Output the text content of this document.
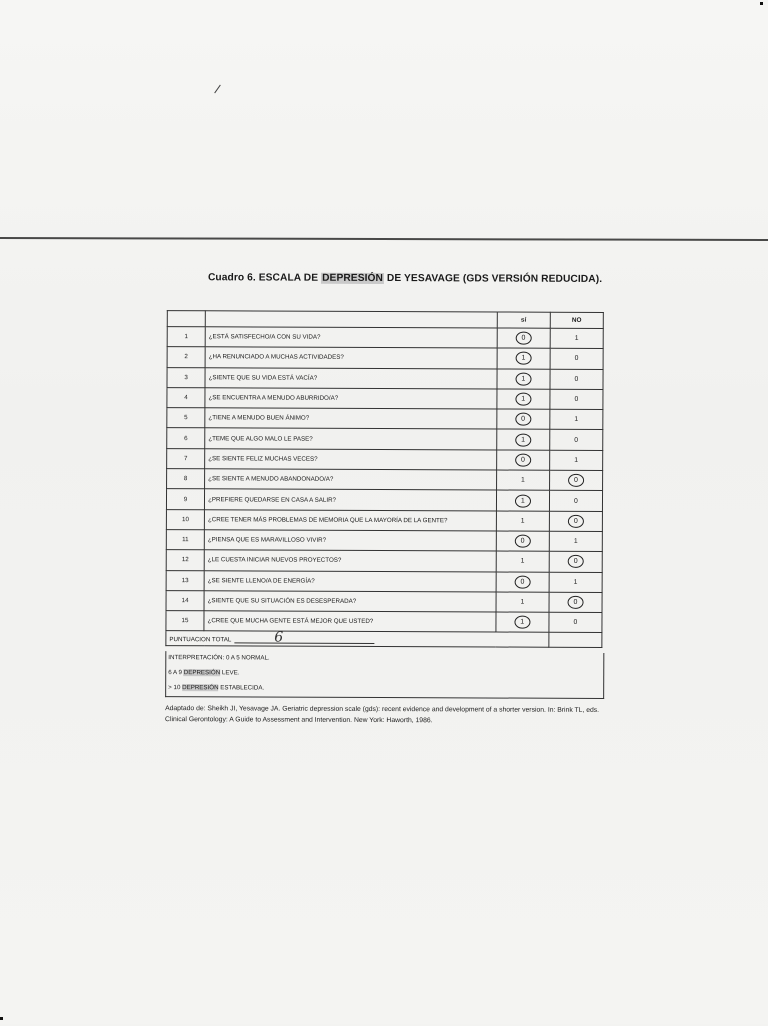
Cuadro 6. ESCALA DE DEPRESIÓN DE YESAVAGE (GDS VERSIÓN REDUCIDA).
		sí	NO
1	¿ESTÁ SATISFECHO/A CON SU VIDA?	0	1
2	¿HA RENUNCIADO A MUCHAS ACTIVIDADES?	1	0
3	¿SIENTE QUE SU VIDA ESTÁ VACÍA?	1	0
4	¿SE ENCUENTRA A MENUDO ABURRIDO/A?	1	0
5	¿TIENE A MENUDO BUEN ÁNIMO?	0	1
6	¿TEME QUE ALGO MALO LE PASE?	1	0
7	¿SE SIENTE FELIZ MUCHAS VECES?	0	1
8	¿SE SIENTE A MENUDO ABANDONADO/A?	1	0
9	¿PREFIERE QUEDARSE EN CASA A SALIR?	1	0
10	¿CREE TENER MÁS PROBLEMAS DE MEMORIA QUE LA MAYORÍA DE LA GENTE?	1	0
11	¿PIENSA QUE ES MARAVILLOSO VIVIR?	0	1
12	¿LE CUESTA INICIAR NUEVOS PROYECTOS?	1	0
13	¿SE SIENTE LLENO/A DE ENERGÍA?	0	1
14	¿SIENTE QUE SU SITUACIÓN ES DESESPERADA?	1	0
15	¿CREE QUE MUCHA GENTE ESTÁ MEJOR QUE USTED?	1	0
PUNTUACION TOTAL 6			

INTERPRETACIÓN: 0 A 5 NORMAL.
6 A 9 DEPRESIÓN LEVE.
> 10 DEPRESIÓN ESTABLECIDA.
Adaptado de: Sheikh JI, Yesavage JA. Geriatric depression scale (gds): recent evidence and development of a shorter version. In: Brink TL, eds. Clinical Gerontology: A Guide to Assessment and Intervention. New York: Haworth, 1986.
